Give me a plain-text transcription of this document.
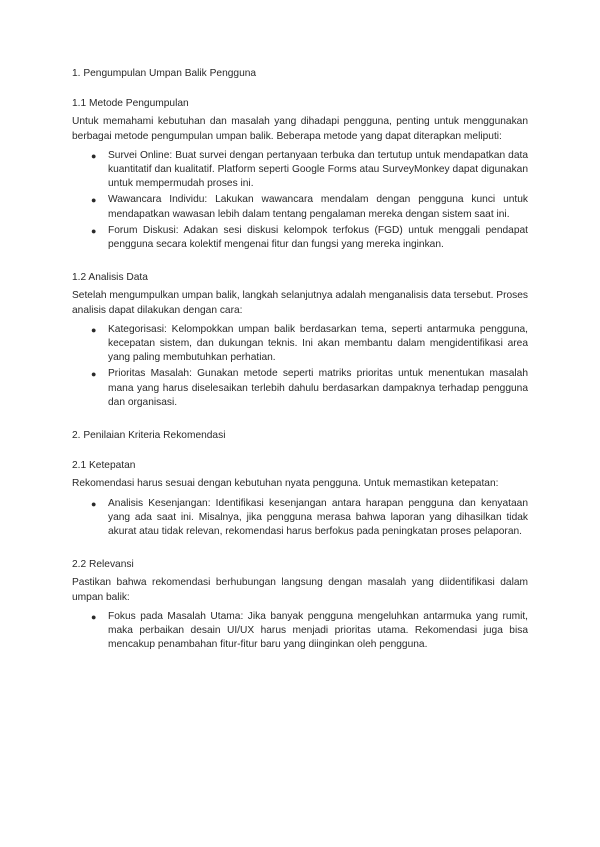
1. Pengumpulan Umpan Balik Pengguna

1.1 Metode Pengumpulan

Untuk memahami kebutuhan dan masalah yang dihadapi pengguna, penting untuk menggunakan berbagai metode pengumpulan umpan balik. Beberapa metode yang dapat diterapkan meliputi:

● Survei Online: Buat survei dengan pertanyaan terbuka dan tertutup untuk mendapatkan data kuantitatif dan kualitatif. Platform seperti Google Forms atau SurveyMonkey dapat digunakan untuk mempermudah proses ini.
● Wawancara Individu: Lakukan wawancara mendalam dengan pengguna kunci untuk mendapatkan wawasan lebih dalam tentang pengalaman mereka dengan sistem saat ini.
● Forum Diskusi: Adakan sesi diskusi kelompok terfokus (FGD) untuk menggali pendapat pengguna secara kolektif mengenai fitur dan fungsi yang mereka inginkan.

1.2 Analisis Data

Setelah mengumpulkan umpan balik, langkah selanjutnya adalah menganalisis data tersebut. Proses analisis dapat dilakukan dengan cara:

● Kategorisasi: Kelompokkan umpan balik berdasarkan tema, seperti antarmuka pengguna, kecepatan sistem, dan dukungan teknis. Ini akan membantu dalam mengidentifikasi area yang paling membutuhkan perhatian.
● Prioritas Masalah: Gunakan metode seperti matriks prioritas untuk menentukan masalah mana yang harus diselesaikan terlebih dahulu berdasarkan dampaknya terhadap pengguna dan organisasi.

2. Penilaian Kriteria Rekomendasi

2.1 Ketepatan

Rekomendasi harus sesuai dengan kebutuhan nyata pengguna. Untuk memastikan ketepatan:

● Analisis Kesenjangan: Identifikasi kesenjangan antara harapan pengguna dan kenyataan yang ada saat ini. Misalnya, jika pengguna merasa bahwa laporan yang dihasilkan tidak akurat atau tidak relevan, rekomendasi harus berfokus pada peningkatan proses pelaporan.

2.2 Relevansi

Pastikan bahwa rekomendasi berhubungan langsung dengan masalah yang diidentifikasi dalam umpan balik:

● Fokus pada Masalah Utama: Jika banyak pengguna mengeluhkan antarmuka yang rumit, maka perbaikan desain UI/UX harus menjadi prioritas utama. Rekomendasi juga bisa mencakup penambahan fitur-fitur baru yang diinginkan oleh pengguna.
